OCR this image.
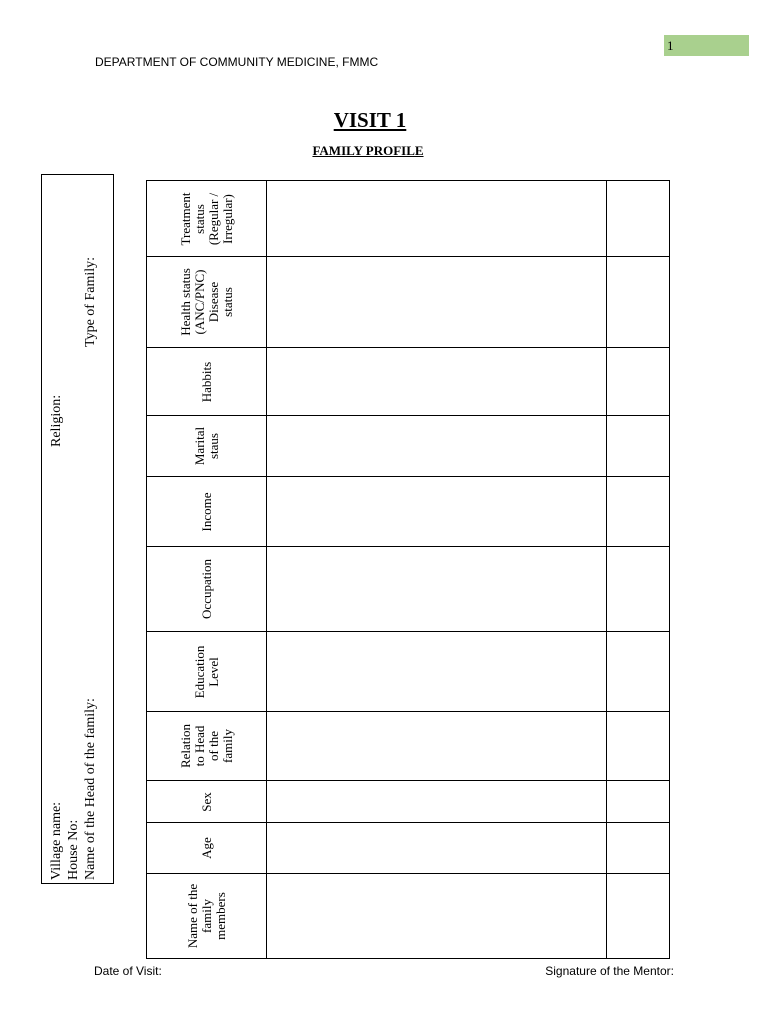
1
DEPARTMENT OF COMMUNITY MEDICINE, FMMC
VISIT 1
FAMILY PROFILE
Village name: House No: Name of the Head of the family:
Religion:
Type of Family:
Treatment
status
(Regular /
Irregular)
Health status
(ANC/PNC)
Disease
status
Habbits
Marital
staus
Income
Occupation
Education
Level
Relation
to Head
of the
family
Sex
Age
Name of the
family
members
Date of Visit:	Signature of the Mentor:
